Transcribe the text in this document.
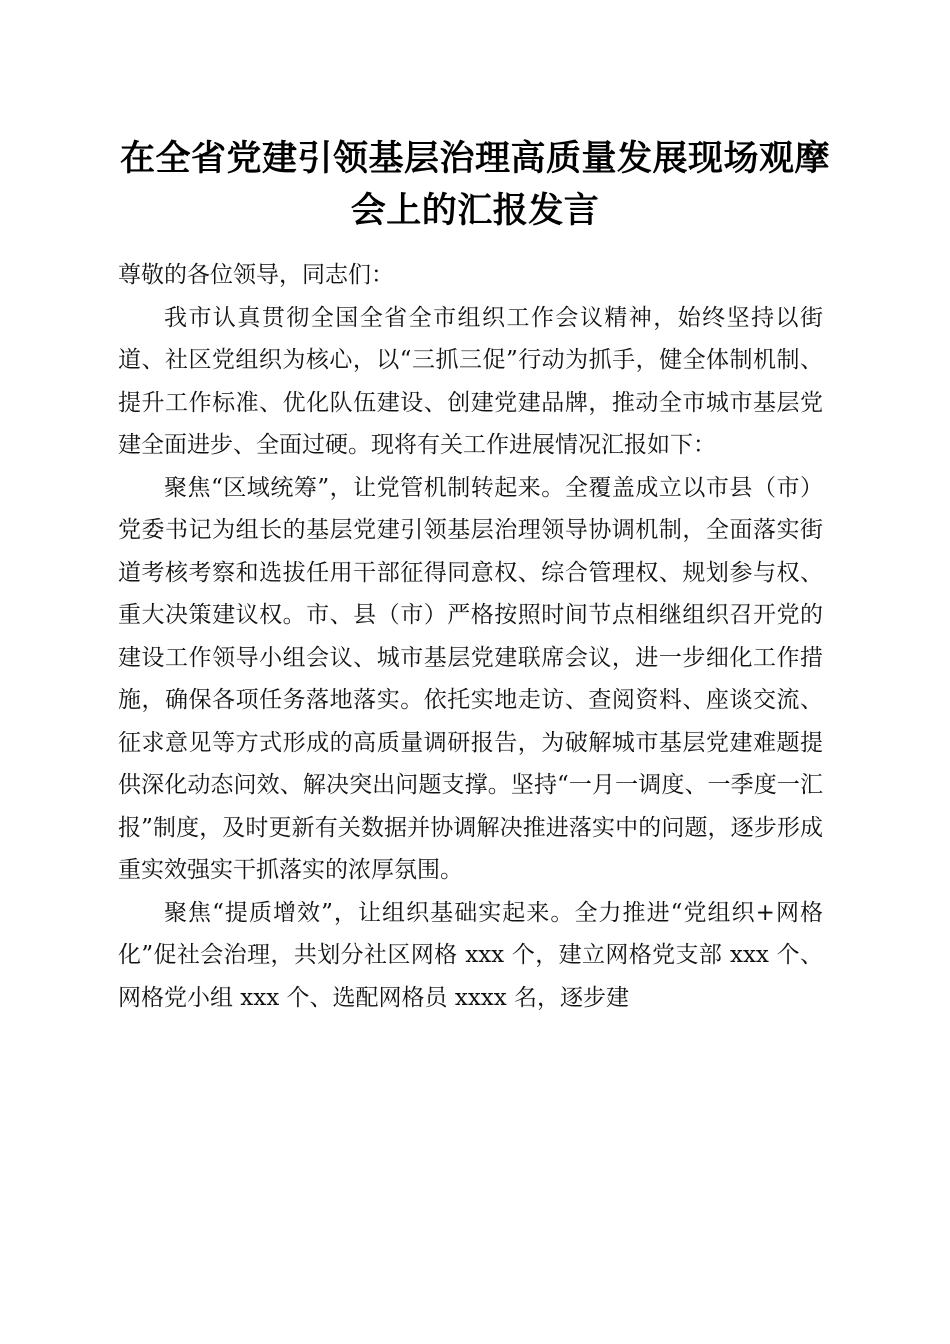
在全省党建引领基层治理高质量发展现场观摩
会上的汇报发言

尊敬的各位领导，同志们：

我市认真贯彻全国全省全市组织工作会议精神，始终坚持以街道、社区党组织为核心，以“三抓三促”行动为抓手，健全体制机制、提升工作标准、优化队伍建设、创建党建品牌，推动全市城市基层党建全面进步、全面过硬。现将有关工作进展情况汇报如下：

聚焦“区域统筹”，让党管机制转起来。全覆盖成立以市县（市）党委书记为组长的基层党建引领基层治理领导协调机制，全面落实街道考核考察和选拔任用干部征得同意权、综合管理权、规划参与权、重大决策建议权。市、县（市）严格按照时间节点相继组织召开党的建设工作领导小组会议、城市基层党建联席会议，进一步细化工作措施，确保各项任务落地落实。依托实地走访、查阅资料、座谈交流、征求意见等方式形成的高质量调研报告，为破解城市基层党建难题提供深化动态问效、解决突出问题支撑。坚持“一月一调度、一季度一汇报”制度，及时更新有关数据并协调解决推进落实中的问题，逐步形成重实效强实干抓落实的浓厚氛围。

聚焦“提质增效”，让组织基础实起来。全力推进“党组织+网格化”促社会治理，共划分社区网格 xxx 个，建立网格党支部 xxx 个、网格党小组 xxx 个、选配网格员 xxxx 名，逐步建
